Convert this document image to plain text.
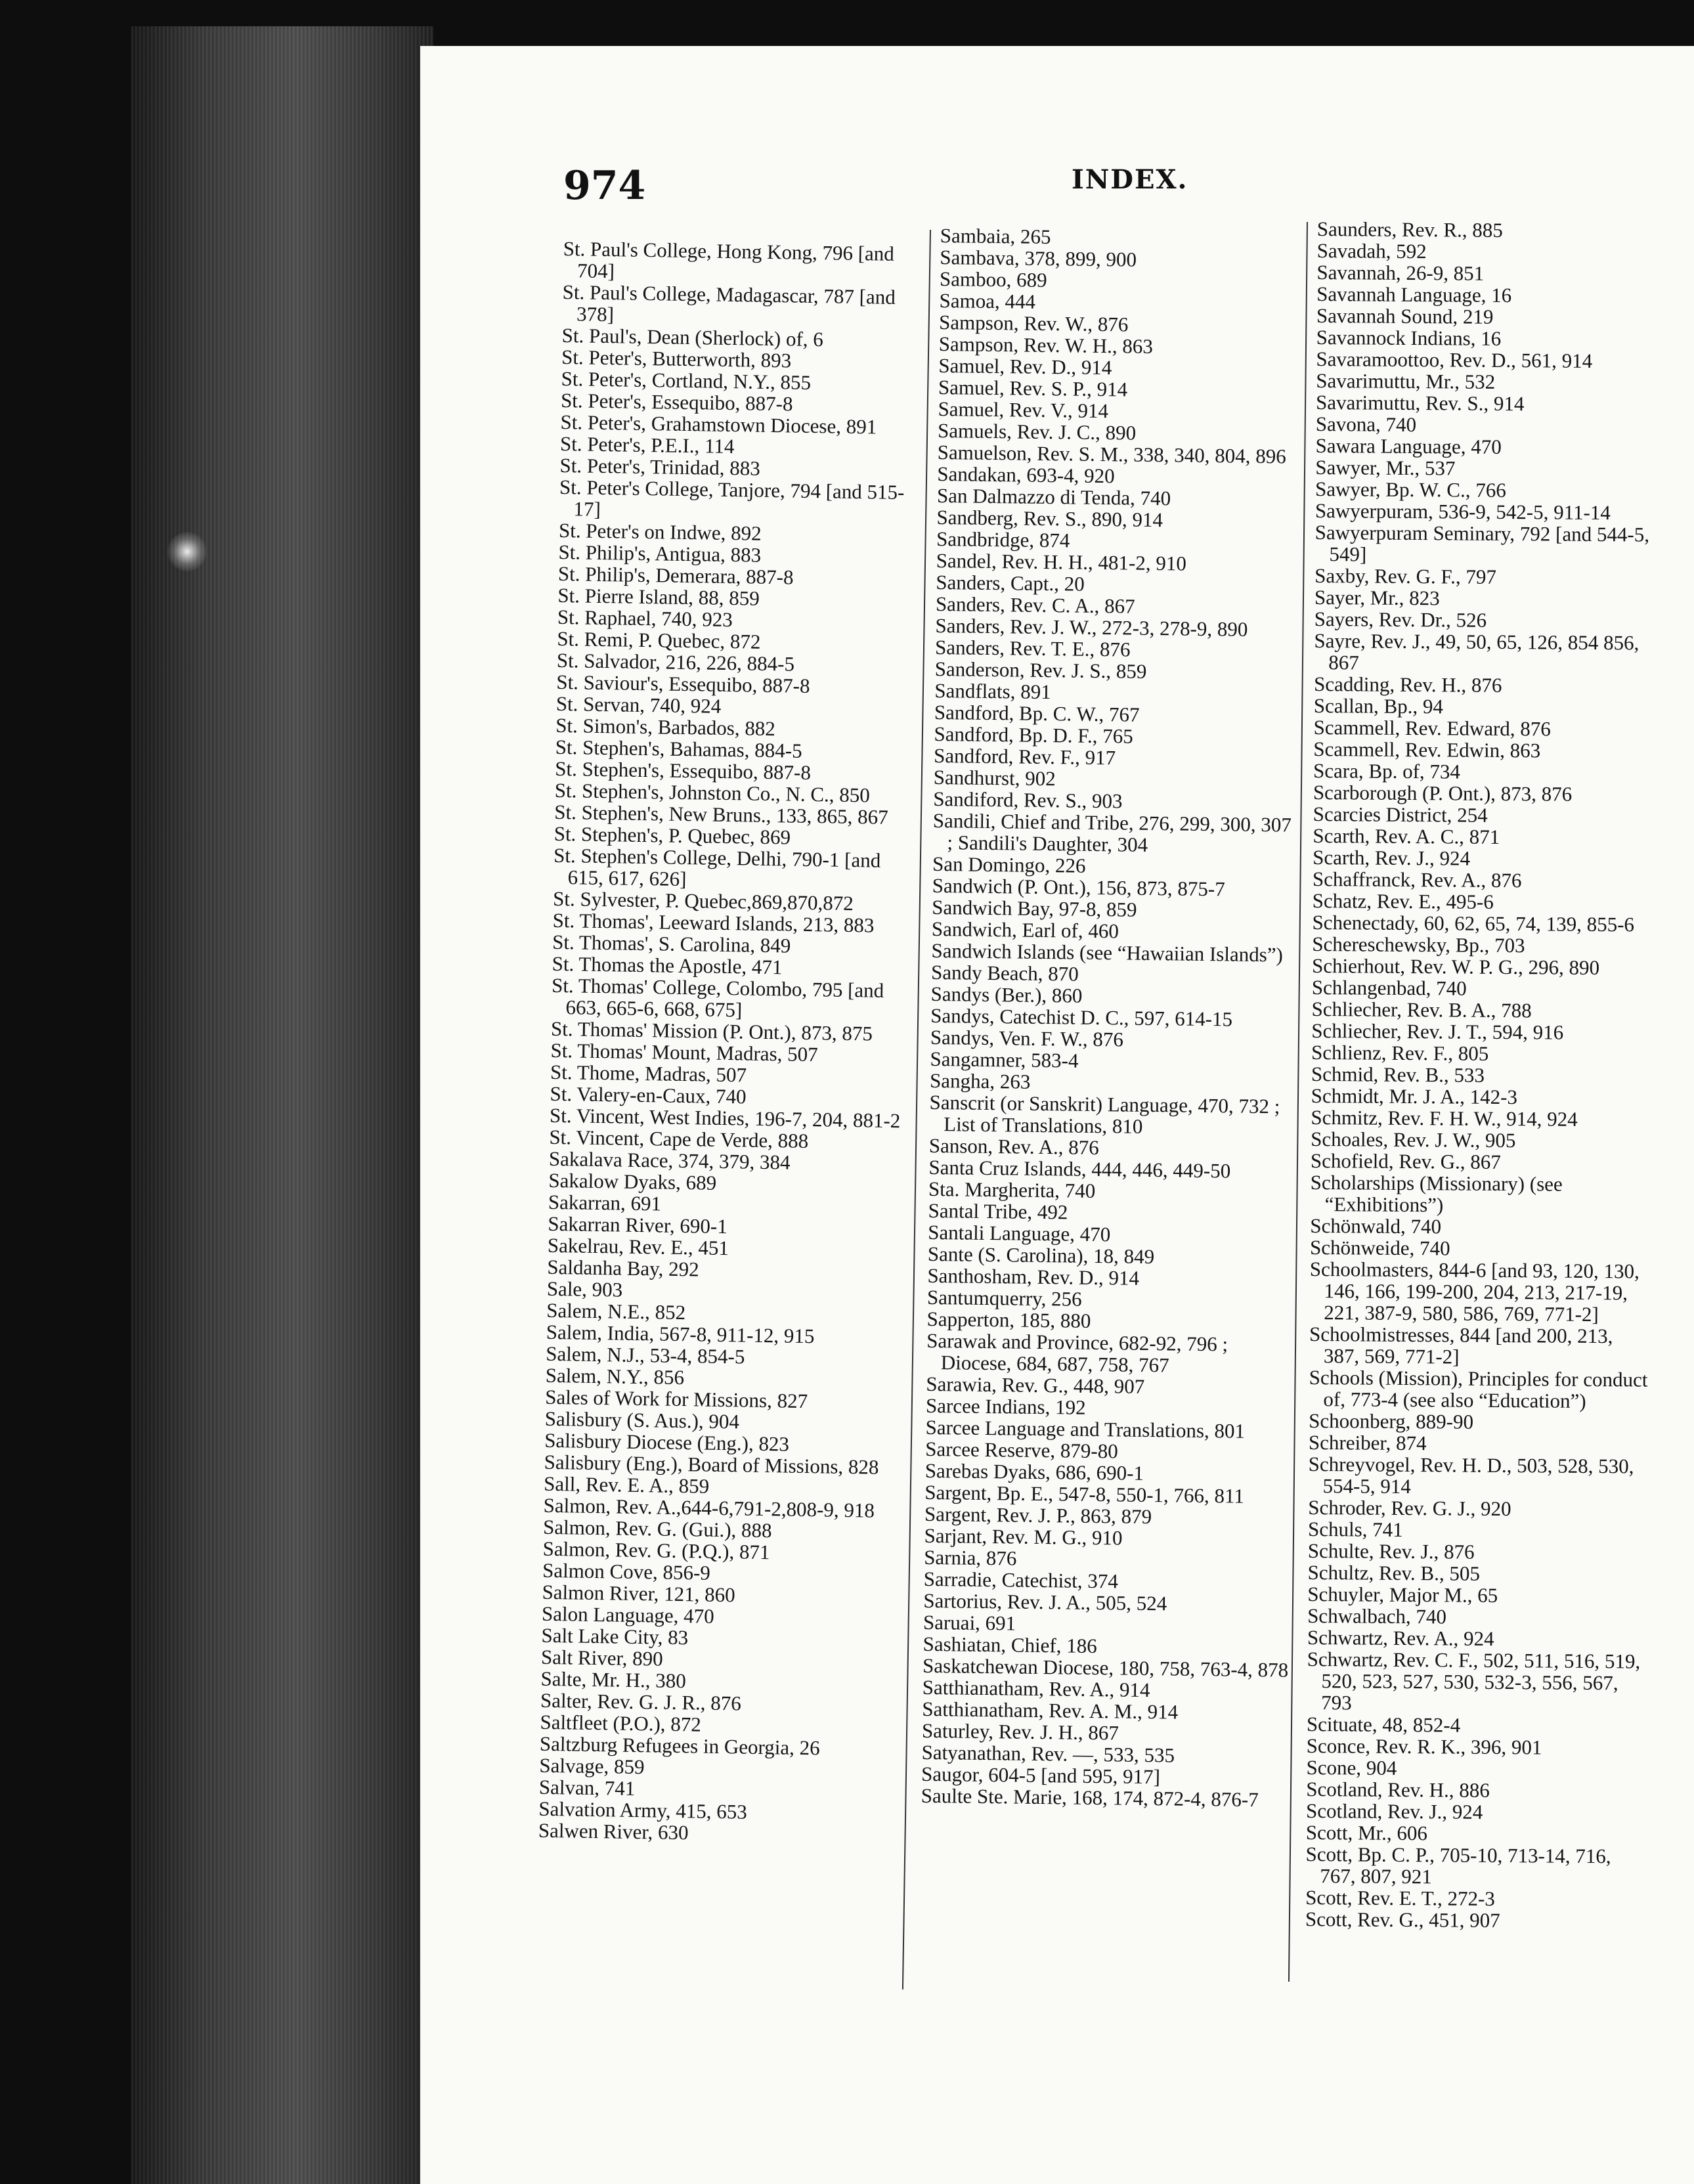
974	INDEX.
St. Paul's College, Hong Kong, 796 [and 704]
St. Paul's College, Madagascar, 787 [and 378]
St. Paul's, Dean (Sherlock) of, 6
St. Peter's, Butterworth, 893
St. Peter's, Cortland, N.Y., 855
St. Peter's, Essequibo, 887-8
St. Peter's, Grahamstown Diocese, 891
St. Peter's, P.E.I., 114
St. Peter's, Trinidad, 883
St. Peter's College, Tanjore, 794 [and 515-17]
St. Peter's on Indwe, 892
St. Philip's, Antigua, 883
St. Philip's, Demerara, 887-8
St. Pierre Island, 88, 859
St. Raphael, 740, 923
St. Remi, P. Quebec, 872
St. Salvador, 216, 226, 884-5
St. Saviour's, Essequibo, 887-8
St. Servan, 740, 924
St. Simon's, Barbados, 882
St. Stephen's, Bahamas, 884-5
St. Stephen's, Essequibo, 887-8
St. Stephen's, Johnston Co., N. C., 850
St. Stephen's, New Bruns., 133, 865, 867
St. Stephen's, P. Quebec, 869
St. Stephen's College, Delhi, 790-1 [and 615, 617, 626]
St. Sylvester, P. Quebec,869,870,872
St. Thomas', Leeward Islands, 213, 883
St. Thomas', S. Carolina, 849
St. Thomas the Apostle, 471
St. Thomas' College, Colombo, 795 [and 663, 665-6, 668, 675]
St. Thomas' Mission (P. Ont.), 873, 875
St. Thomas' Mount, Madras, 507
St. Thome, Madras, 507
St. Valery-en-Caux, 740
St. Vincent, West Indies, 196-7, 204, 881-2
St. Vincent, Cape de Verde, 888
Sakalava Race, 374, 379, 384
Sakalow Dyaks, 689
Sakarran, 691
Sakarran River, 690-1
Sakelrau, Rev. E., 451
Saldanha Bay, 292
Sale, 903
Salem, N.E., 852
Salem, India, 567-8, 911-12, 915
Salem, N.J., 53-4, 854-5
Salem, N.Y., 856
Sales of Work for Missions, 827
Salisbury (S. Aus.), 904
Salisbury Diocese (Eng.), 823
Salisbury (Eng.), Board of Missions, 828
Sall, Rev. E. A., 859
Salmon, Rev. A.,644-6,791-2,808-9, 918
Salmon, Rev. G. (Gui.), 888
Salmon, Rev. G. (P.Q.), 871
Salmon Cove, 856-9
Salmon River, 121, 860
Salon Language, 470
Salt Lake City, 83
Salt River, 890
Salte, Mr. H., 380
Salter, Rev. G. J. R., 876
Saltfleet (P.O.), 872
Saltzburg Refugees in Georgia, 26
Salvage, 859
Salvan, 741
Salvation Army, 415, 653
Salwen River, 630
Sambaia, 265
Sambava, 378, 899, 900
Samboo, 689
Samoa, 444
Sampson, Rev. W., 876
Sampson, Rev. W. H., 863
Samuel, Rev. D., 914
Samuel, Rev. S. P., 914
Samuel, Rev. V., 914
Samuels, Rev. J. C., 890
Samuelson, Rev. S. M., 338, 340, 804, 896
Sandakan, 693-4, 920
San Dalmazzo di Tenda, 740
Sandberg, Rev. S., 890, 914
Sandbridge, 874
Sandel, Rev. H. H., 481-2, 910
Sanders, Capt., 20
Sanders, Rev. C. A., 867
Sanders, Rev. J. W., 272-3, 278-9, 890
Sanders, Rev. T. E., 876
Sanderson, Rev. J. S., 859
Sandflats, 891
Sandford, Bp. C. W., 767
Sandford, Bp. D. F., 765
Sandford, Rev. F., 917
Sandhurst, 902
Sandiford, Rev. S., 903
Sandili, Chief and Tribe, 276, 299, 300, 307 ; Sandili's Daughter, 304
San Domingo, 226
Sandwich (P. Ont.), 156, 873, 875-7
Sandwich Bay, 97-8, 859
Sandwich, Earl of, 460
Sandwich Islands (see “Hawaiian Islands”)
Sandy Beach, 870
Sandys (Ber.), 860
Sandys, Catechist D. C., 597, 614-15
Sandys, Ven. F. W., 876
Sangamner, 583-4
Sangha, 263
Sanscrit (or Sanskrit) Language, 470, 732 ; List of Translations, 810
Sanson, Rev. A., 876
Santa Cruz Islands, 444, 446, 449-50
Sta. Margherita, 740
Santal Tribe, 492
Santali Language, 470
Sante (S. Carolina), 18, 849
Santhosham, Rev. D., 914
Santumquerry, 256
Sapperton, 185, 880
Sarawak and Province, 682-92, 796 ; Diocese, 684, 687, 758, 767
Sarawia, Rev. G., 448, 907
Sarcee Indians, 192
Sarcee Language and Translations, 801
Sarcee Reserve, 879-80
Sarebas Dyaks, 686, 690-1
Sargent, Bp. E., 547-8, 550-1, 766, 811
Sargent, Rev. J. P., 863, 879
Sarjant, Rev. M. G., 910
Sarnia, 876
Sarradie, Catechist, 374
Sartorius, Rev. J. A., 505, 524
Saruai, 691
Sashiatan, Chief, 186
Saskatchewan Diocese, 180, 758, 763-4, 878
Satthianatham, Rev. A., 914
Satthianatham, Rev. A. M., 914
Saturley, Rev. J. H., 867
Satyanathan, Rev. —, 533, 535
Saugor, 604-5 [and 595, 917]
Saulte Ste. Marie, 168, 174, 872-4, 876-7
Saunders, Rev. R., 885
Savadah, 592
Savannah, 26-9, 851
Savannah Language, 16
Savannah Sound, 219
Savannock Indians, 16
Savaramoottoo, Rev. D., 561, 914
Savarimuttu, Mr., 532
Savarimuttu, Rev. S., 914
Savona, 740
Sawara Language, 470
Sawyer, Mr., 537
Sawyer, Bp. W. C., 766
Sawyerpuram, 536-9, 542-5, 911-14
Sawyerpuram Seminary, 792 [and 544-5, 549]
Saxby, Rev. G. F., 797
Sayer, Mr., 823
Sayers, Rev. Dr., 526
Sayre, Rev. J., 49, 50, 65, 126, 854 856, 867
Scadding, Rev. H., 876
Scallan, Bp., 94
Scammell, Rev. Edward, 876
Scammell, Rev. Edwin, 863
Scara, Bp. of, 734
Scarborough (P. Ont.), 873, 876
Scarcies District, 254
Scarth, Rev. A. C., 871
Scarth, Rev. J., 924
Schaffranck, Rev. A., 876
Schatz, Rev. E., 495-6
Schenectady, 60, 62, 65, 74, 139, 855-6
Schereschewsky, Bp., 703
Schierhout, Rev. W. P. G., 296, 890
Schlangenbad, 740
Schliecher, Rev. B. A., 788
Schliecher, Rev. J. T., 594, 916
Schlienz, Rev. F., 805
Schmid, Rev. B., 533
Schmidt, Mr. J. A., 142-3
Schmitz, Rev. F. H. W., 914, 924
Schoales, Rev. J. W., 905
Schofield, Rev. G., 867
Scholarships (Missionary) (see “Exhibitions”)
Schönwald, 740
Schönweide, 740
Schoolmasters, 844-6 [and 93, 120, 130, 146, 166, 199-200, 204, 213, 217-19, 221, 387-9, 580, 586, 769, 771-2]
Schoolmistresses, 844 [and 200, 213, 387, 569, 771-2]
Schools (Mission), Principles for conduct of, 773-4 (see also “Education”)
Schoonberg, 889-90
Schreiber, 874
Schreyvogel, Rev. H. D., 503, 528, 530, 554-5, 914
Schroder, Rev. G. J., 920
Schuls, 741
Schulte, Rev. J., 876
Schultz, Rev. B., 505
Schuyler, Major M., 65
Schwalbach, 740
Schwartz, Rev. A., 924
Schwartz, Rev. C. F., 502, 511, 516, 519, 520, 523, 527, 530, 532-3, 556, 567, 793
Scituate, 48, 852-4
Sconce, Rev. R. K., 396, 901
Scone, 904
Scotland, Rev. H., 886
Scotland, Rev. J., 924
Scott, Mr., 606
Scott, Bp. C. P., 705-10, 713-14, 716, 767, 807, 921
Scott, Rev. E. T., 272-3
Scott, Rev. G., 451, 907
